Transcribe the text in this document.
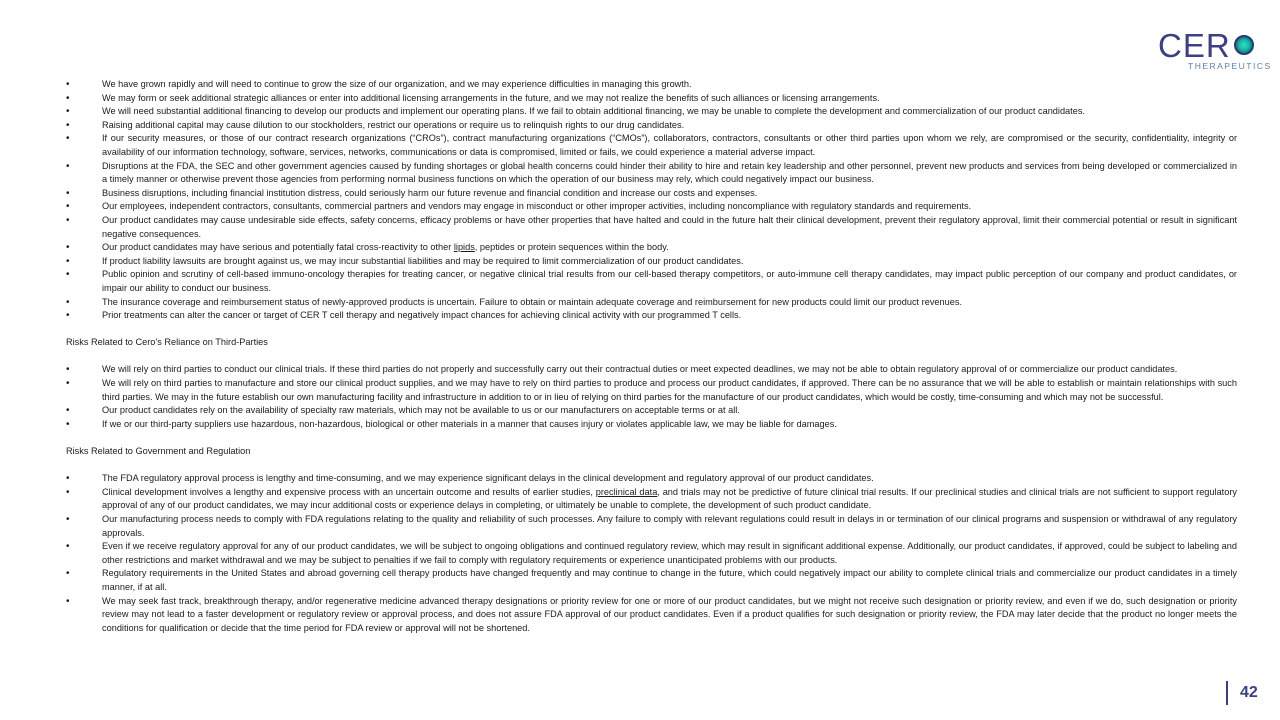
CER
THERAPEUTICS
• We have grown rapidly and will need to continue to grow the size of our organization, and we may experience difficulties in managing this growth.
• We may form or seek additional strategic alliances or enter into additional licensing arrangements in the future, and we may not realize the benefits of such alliances or licensing arrangements.
• We will need substantial additional financing to develop our products and implement our operating plans. If we fail to obtain additional financing, we may be unable to complete the development and commercialization of our product candidates.
• Raising additional capital may cause dilution to our stockholders, restrict our operations or require us to relinquish rights to our drug candidates.
• If our security measures, or those of our contract research organizations (“CROs”), contract manufacturing organizations (“CMOs”), collaborators, contractors, consultants or other third parties upon whom we rely, are compromised or the security, confidentiality, integrity or availability of our information technology, software, services, networks, communications or data is compromised, limited or fails, we could experience a material adverse impact.
• Disruptions at the FDA, the SEC and other government agencies caused by funding shortages or global health concerns could hinder their ability to hire and retain key leadership and other personnel, prevent new products and services from being developed or commercialized in a timely manner or otherwise prevent those agencies from performing normal business functions on which the operation of our business may rely, which could negatively impact our business.
• Business disruptions, including financial institution distress, could seriously harm our future revenue and financial condition and increase our costs and expenses.
• Our employees, independent contractors, consultants, commercial partners and vendors may engage in misconduct or other improper activities, including noncompliance with regulatory standards and requirements.
• Our product candidates may cause undesirable side effects, safety concerns, efficacy problems or have other properties that have halted and could in the future halt their clinical development, prevent their regulatory approval, limit their commercial potential or result in significant negative consequences.
• Our product candidates may have serious and potentially fatal cross-reactivity to other lipids, peptides or protein sequences within the body.
• If product liability lawsuits are brought against us, we may incur substantial liabilities and may be required to limit commercialization of our product candidates.
• Public opinion and scrutiny of cell-based immuno-oncology therapies for treating cancer, or negative clinical trial results from our cell-based therapy competitors, or auto-immune cell therapy candidates, may impact public perception of our company and product candidates, or impair our ability to conduct our business.
• The insurance coverage and reimbursement status of newly-approved products is uncertain. Failure to obtain or maintain adequate coverage and reimbursement for new products could limit our product revenues.
• Prior treatments can alter the cancer or target of CER T cell therapy and negatively impact chances for achieving clinical activity with our programmed T cells.

Risks Related to Cero’s Reliance on Third-Parties

• We will rely on third parties to conduct our clinical trials. If these third parties do not properly and successfully carry out their contractual duties or meet expected deadlines, we may not be able to obtain regulatory approval of or commercialize our product candidates.
• We will rely on third parties to manufacture and store our clinical product supplies, and we may have to rely on third parties to produce and process our product candidates, if approved. There can be no assurance that we will be able to establish or maintain relationships with such third parties. We may in the future establish our own manufacturing facility and infrastructure in addition to or in lieu of relying on third parties for the manufacture of our product candidates, which would be costly, time-consuming and which may not be successful.
• Our product candidates rely on the availability of specialty raw materials, which may not be available to us or our manufacturers on acceptable terms or at all.
• If we or our third-party suppliers use hazardous, non-hazardous, biological or other materials in a manner that causes injury or violates applicable law, we may be liable for damages.

Risks Related to Government and Regulation

• The FDA regulatory approval process is lengthy and time-consuming, and we may experience significant delays in the clinical development and regulatory approval of our product candidates.
• Clinical development involves a lengthy and expensive process with an uncertain outcome and results of earlier studies, preclinical data, and trials may not be predictive of future clinical trial results. If our preclinical studies and clinical trials are not sufficient to support regulatory approval of any of our product candidates, we may incur additional costs or experience delays in completing, or ultimately be unable to complete, the development of such product candidate.
• Our manufacturing process needs to comply with FDA regulations relating to the quality and reliability of such processes. Any failure to comply with relevant regulations could result in delays in or termination of our clinical programs and suspension or withdrawal of any regulatory approvals.
• Even if we receive regulatory approval for any of our product candidates, we will be subject to ongoing obligations and continued regulatory review, which may result in significant additional expense. Additionally, our product candidates, if approved, could be subject to labeling and other restrictions and market withdrawal and we may be subject to penalties if we fail to comply with regulatory requirements or experience unanticipated problems with our products.
• Regulatory requirements in the United States and abroad governing cell therapy products have changed frequently and may continue to change in the future, which could negatively impact our ability to complete clinical trials and commercialize our product candidates in a timely manner, if at all.
• We may seek fast track, breakthrough therapy, and/or regenerative medicine advanced therapy designations or priority review for one or more of our product candidates, but we might not receive such designation or priority review, and even if we do, such designation or priority review may not lead to a faster development or regulatory review or approval process, and does not assure FDA approval of our product candidates. Even if a product qualifies for such designation or priority review, the FDA may later decide that the product no longer meets the conditions for qualification or decide that the time period for FDA review or approval will not be shortened.
42
